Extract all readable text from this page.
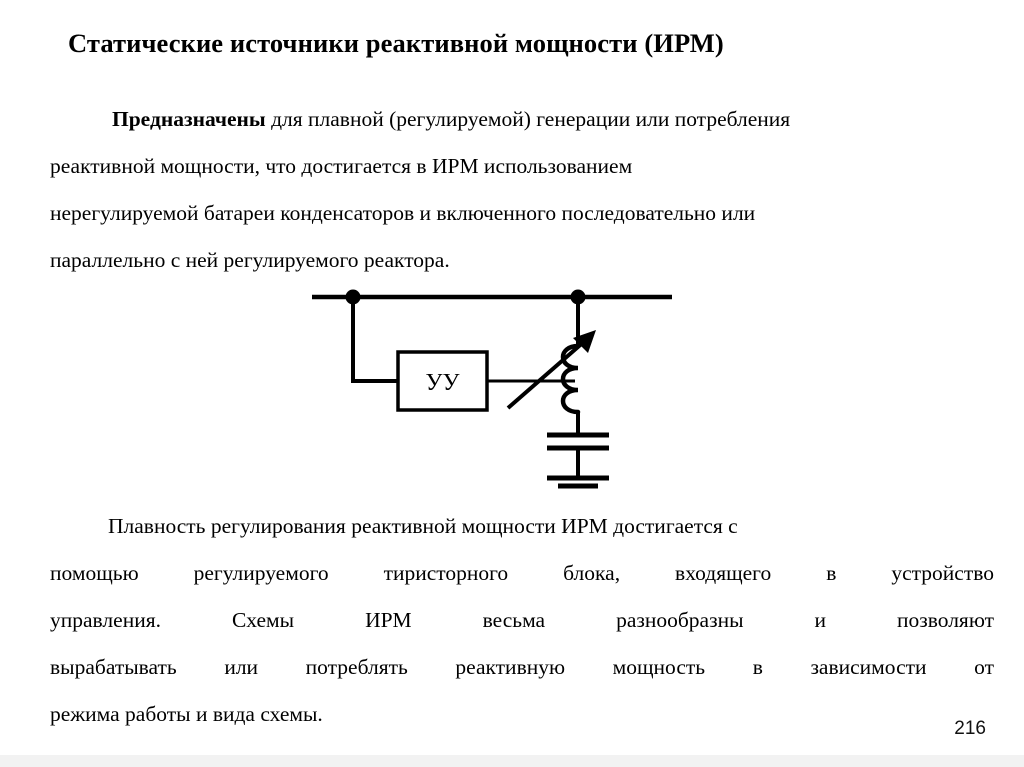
Статические источники реактивной мощности (ИРМ)
Предназначены для плавной (регулируемой) генерации или потребления
реактивной мощности, что достигается в ИРМ использованием
нерегулируемой батареи конденсаторов и включенного последовательно или
параллельно с ней регулируемого реактора.
УУ
Плавность регулирования реактивной мощности ИРМ достигается с
помощью	регулируемого	тиристорного	блока,	входящего	в	устройство
управления.	Схемы	ИРМ	весьма	разнообразны	и	позволяют
вырабатывать или потреблять реактивную мощность в зависимости от
режима работы и вида схемы.
216
